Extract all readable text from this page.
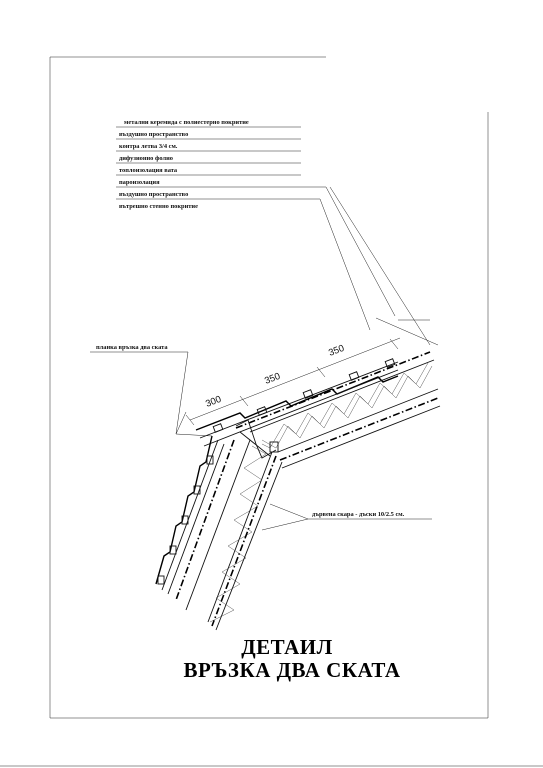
метални керемида с полиестерно покритие
въздушно пространство
контра летва 3/4 см.
дифузионно фолио
топлоизолация вата
пароизолация
въздушно пространство
вътрешно стенно покритие
300
350
350
планка връзка два ската
дървена скара - дъски 10/2.5 см.
ДЕТАИЛ
ВРЪЗКА ДВА СКАТА
